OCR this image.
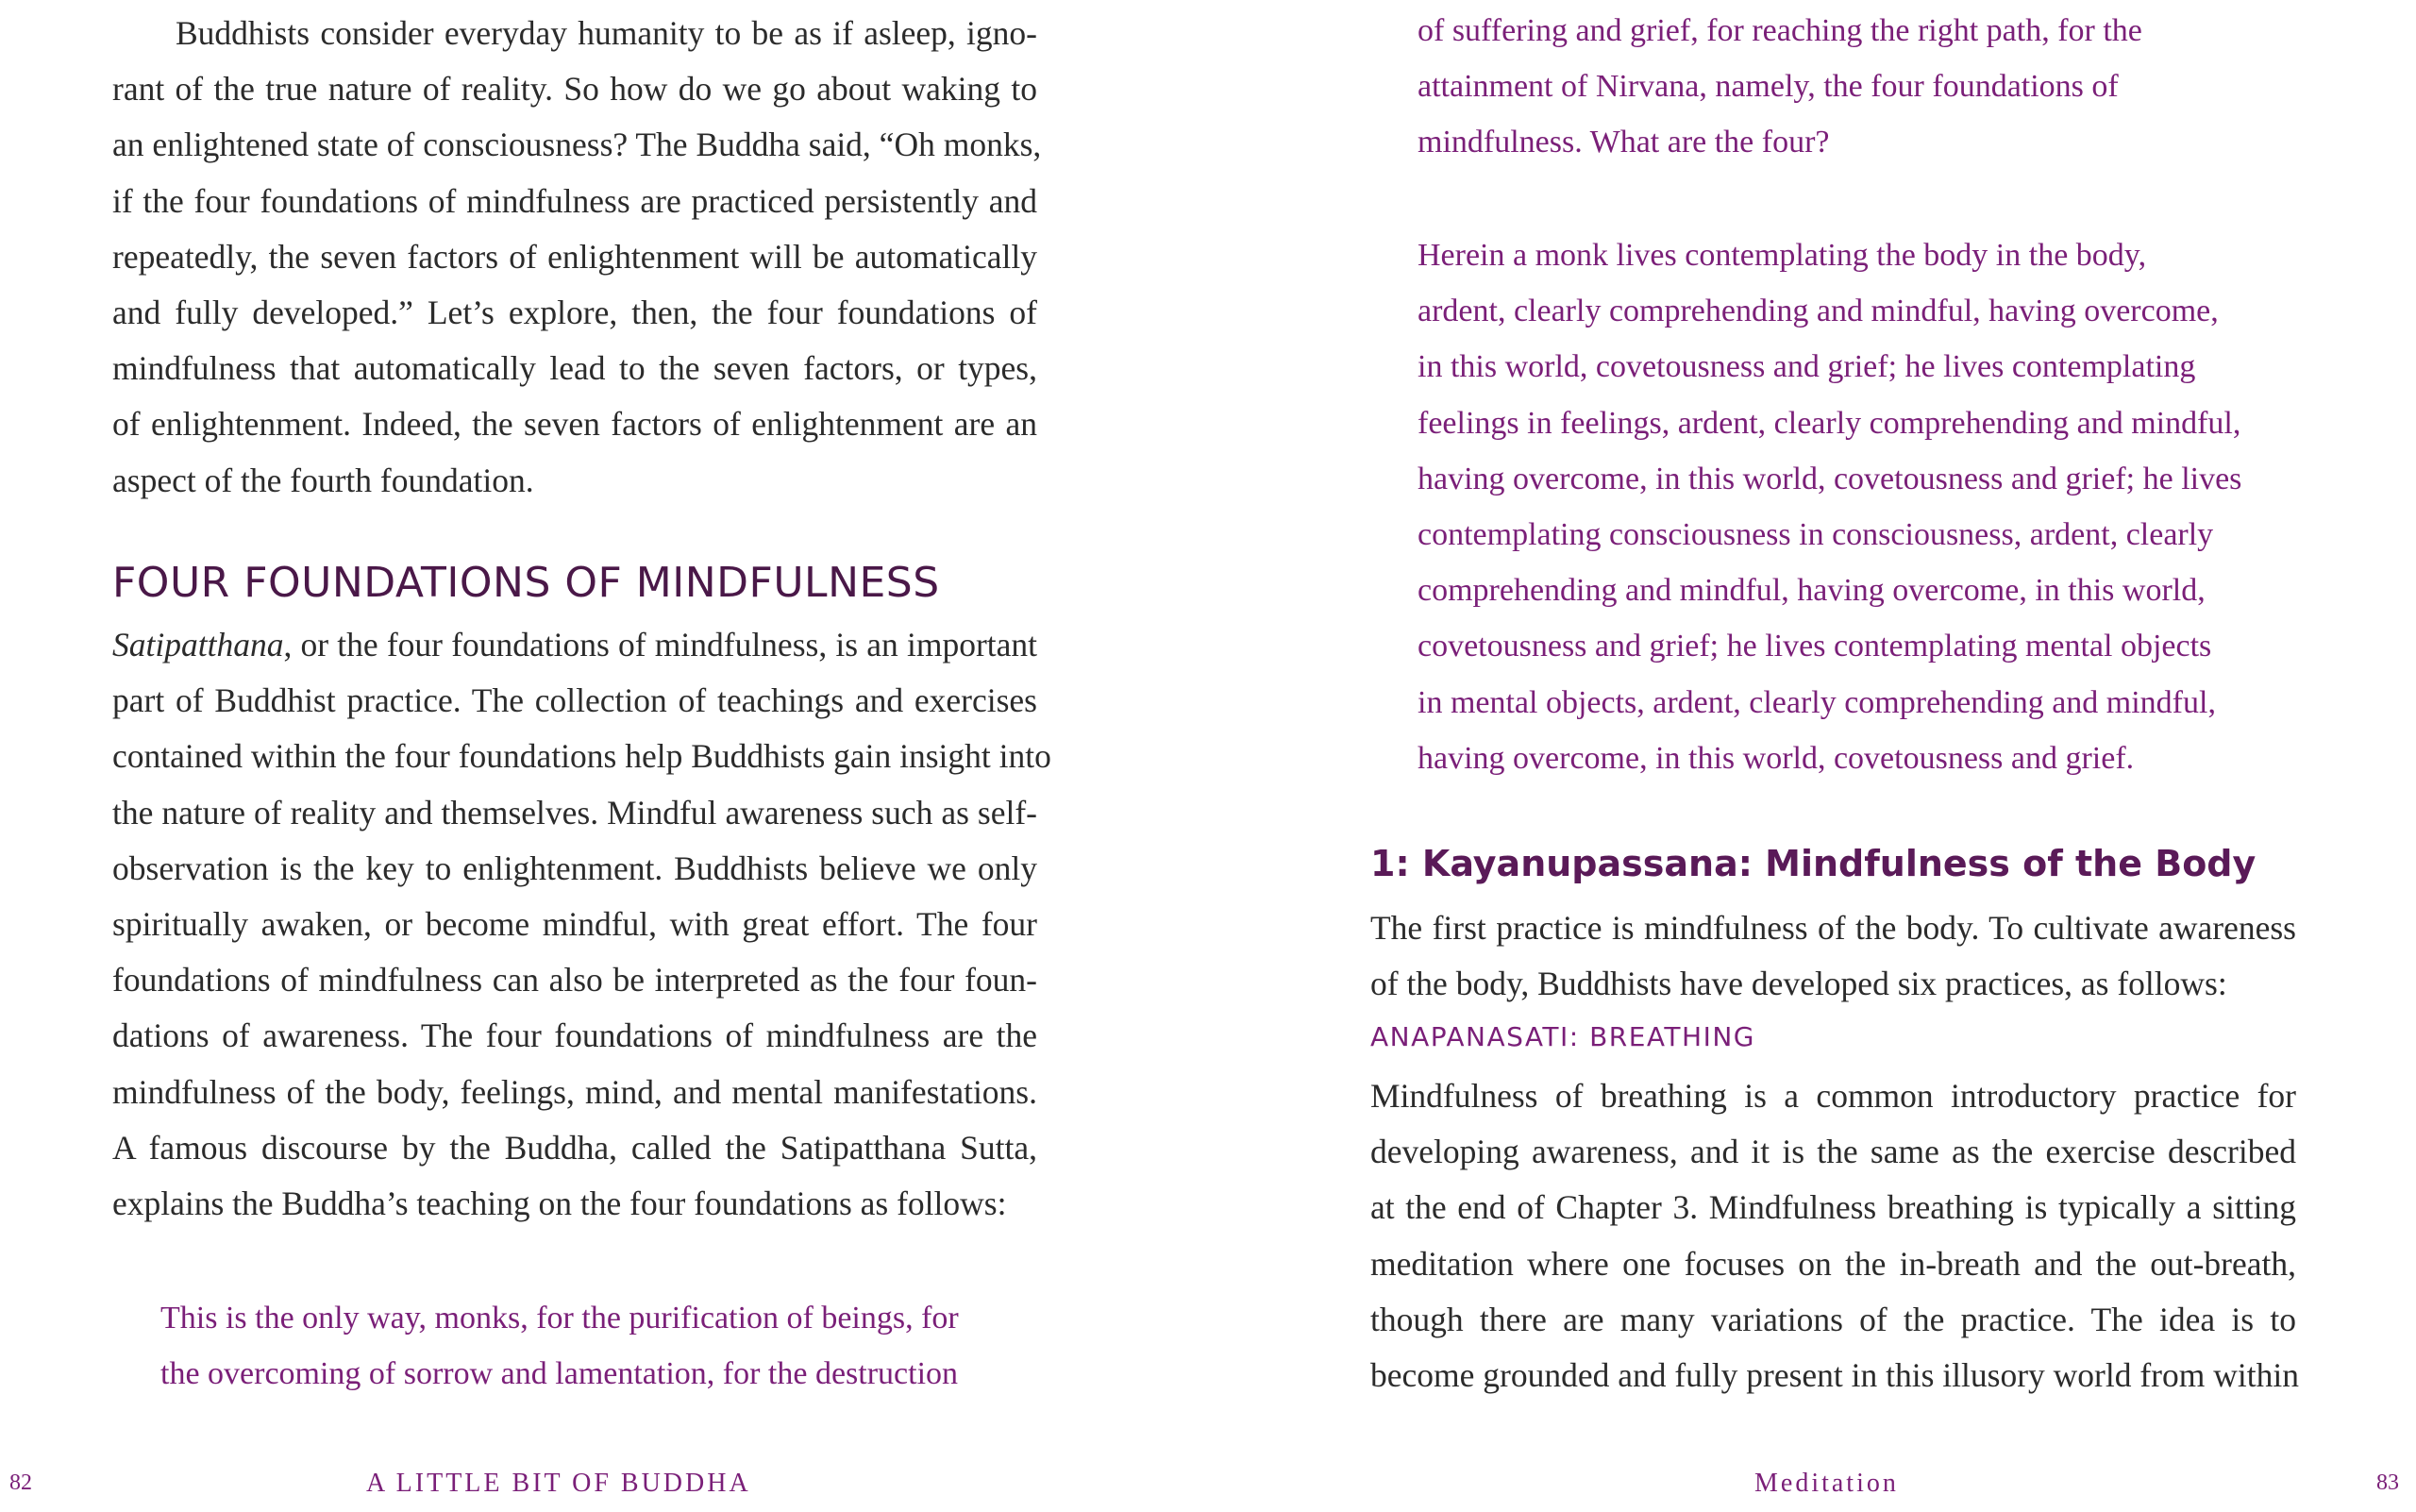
Buddhists consider everyday humanity to be as if asleep, igno-
rant of the true nature of reality. So how do we go about waking to
an enlightened state of consciousness? The Buddha said, “Oh monks,
if the four foundations of mindfulness are practiced persistently and
repeatedly, the seven factors of enlightenment will be automatically
and fully developed.” Let’s explore, then, the four foundations of
mindfulness that automatically lead to the seven factors, or types,
of enlightenment. Indeed, the seven factors of enlightenment are an
aspect of the fourth foundation.
FOUR FOUNDATIONS OF MINDFULNESS
Satipatthana, or the four foundations of mindfulness, is an important
part of Buddhist practice. The collection of teachings and exercises
contained within the four foundations help Buddhists gain insight into
the nature of reality and themselves. Mindful awareness such as self-
observation is the key to enlightenment. Buddhists believe we only
spiritually awaken, or become mindful, with great effort. The four
foundations of mindfulness can also be interpreted as the four foun-
dations of awareness. The four foundations of mindfulness are the
mindfulness of the body, feelings, mind, and mental manifestations.
A famous discourse by the Buddha, called the Satipatthana Sutta,
explains the Buddha’s teaching on the four foundations as follows:
This is the only way, monks, for the purification of beings, for
the overcoming of sorrow and lamentation, for the destruction
82	A LITTLE BIT OF BUDDHA
of suffering and grief, for reaching the right path, for the
attainment of Nirvana, namely, the four foundations of
mindfulness. What are the four?
Herein a monk lives contemplating the body in the body,
ardent, clearly comprehending and mindful, having overcome,
in this world, covetousness and grief; he lives contemplating
feelings in feelings, ardent, clearly comprehending and mindful,
having overcome, in this world, covetousness and grief; he lives
contemplating consciousness in consciousness, ardent, clearly
comprehending and mindful, having overcome, in this world,
covetousness and grief; he lives contemplating mental objects
in mental objects, ardent, clearly comprehending and mindful,
having overcome, in this world, covetousness and grief.
1: Kayanupassana: Mindfulness of the Body
The first practice is mindfulness of the body. To cultivate awareness
of the body, Buddhists have developed six practices, as follows:
ANAPANASATI: BREATHING
Mindfulness of breathing is a common introductory practice for
developing awareness, and it is the same as the exercise described
at the end of Chapter 3. Mindfulness breathing is typically a sitting
meditation where one focuses on the in-breath and the out-breath,
though there are many variations of the practice. The idea is to
become grounded and fully present in this illusory world from within
Meditation	83
